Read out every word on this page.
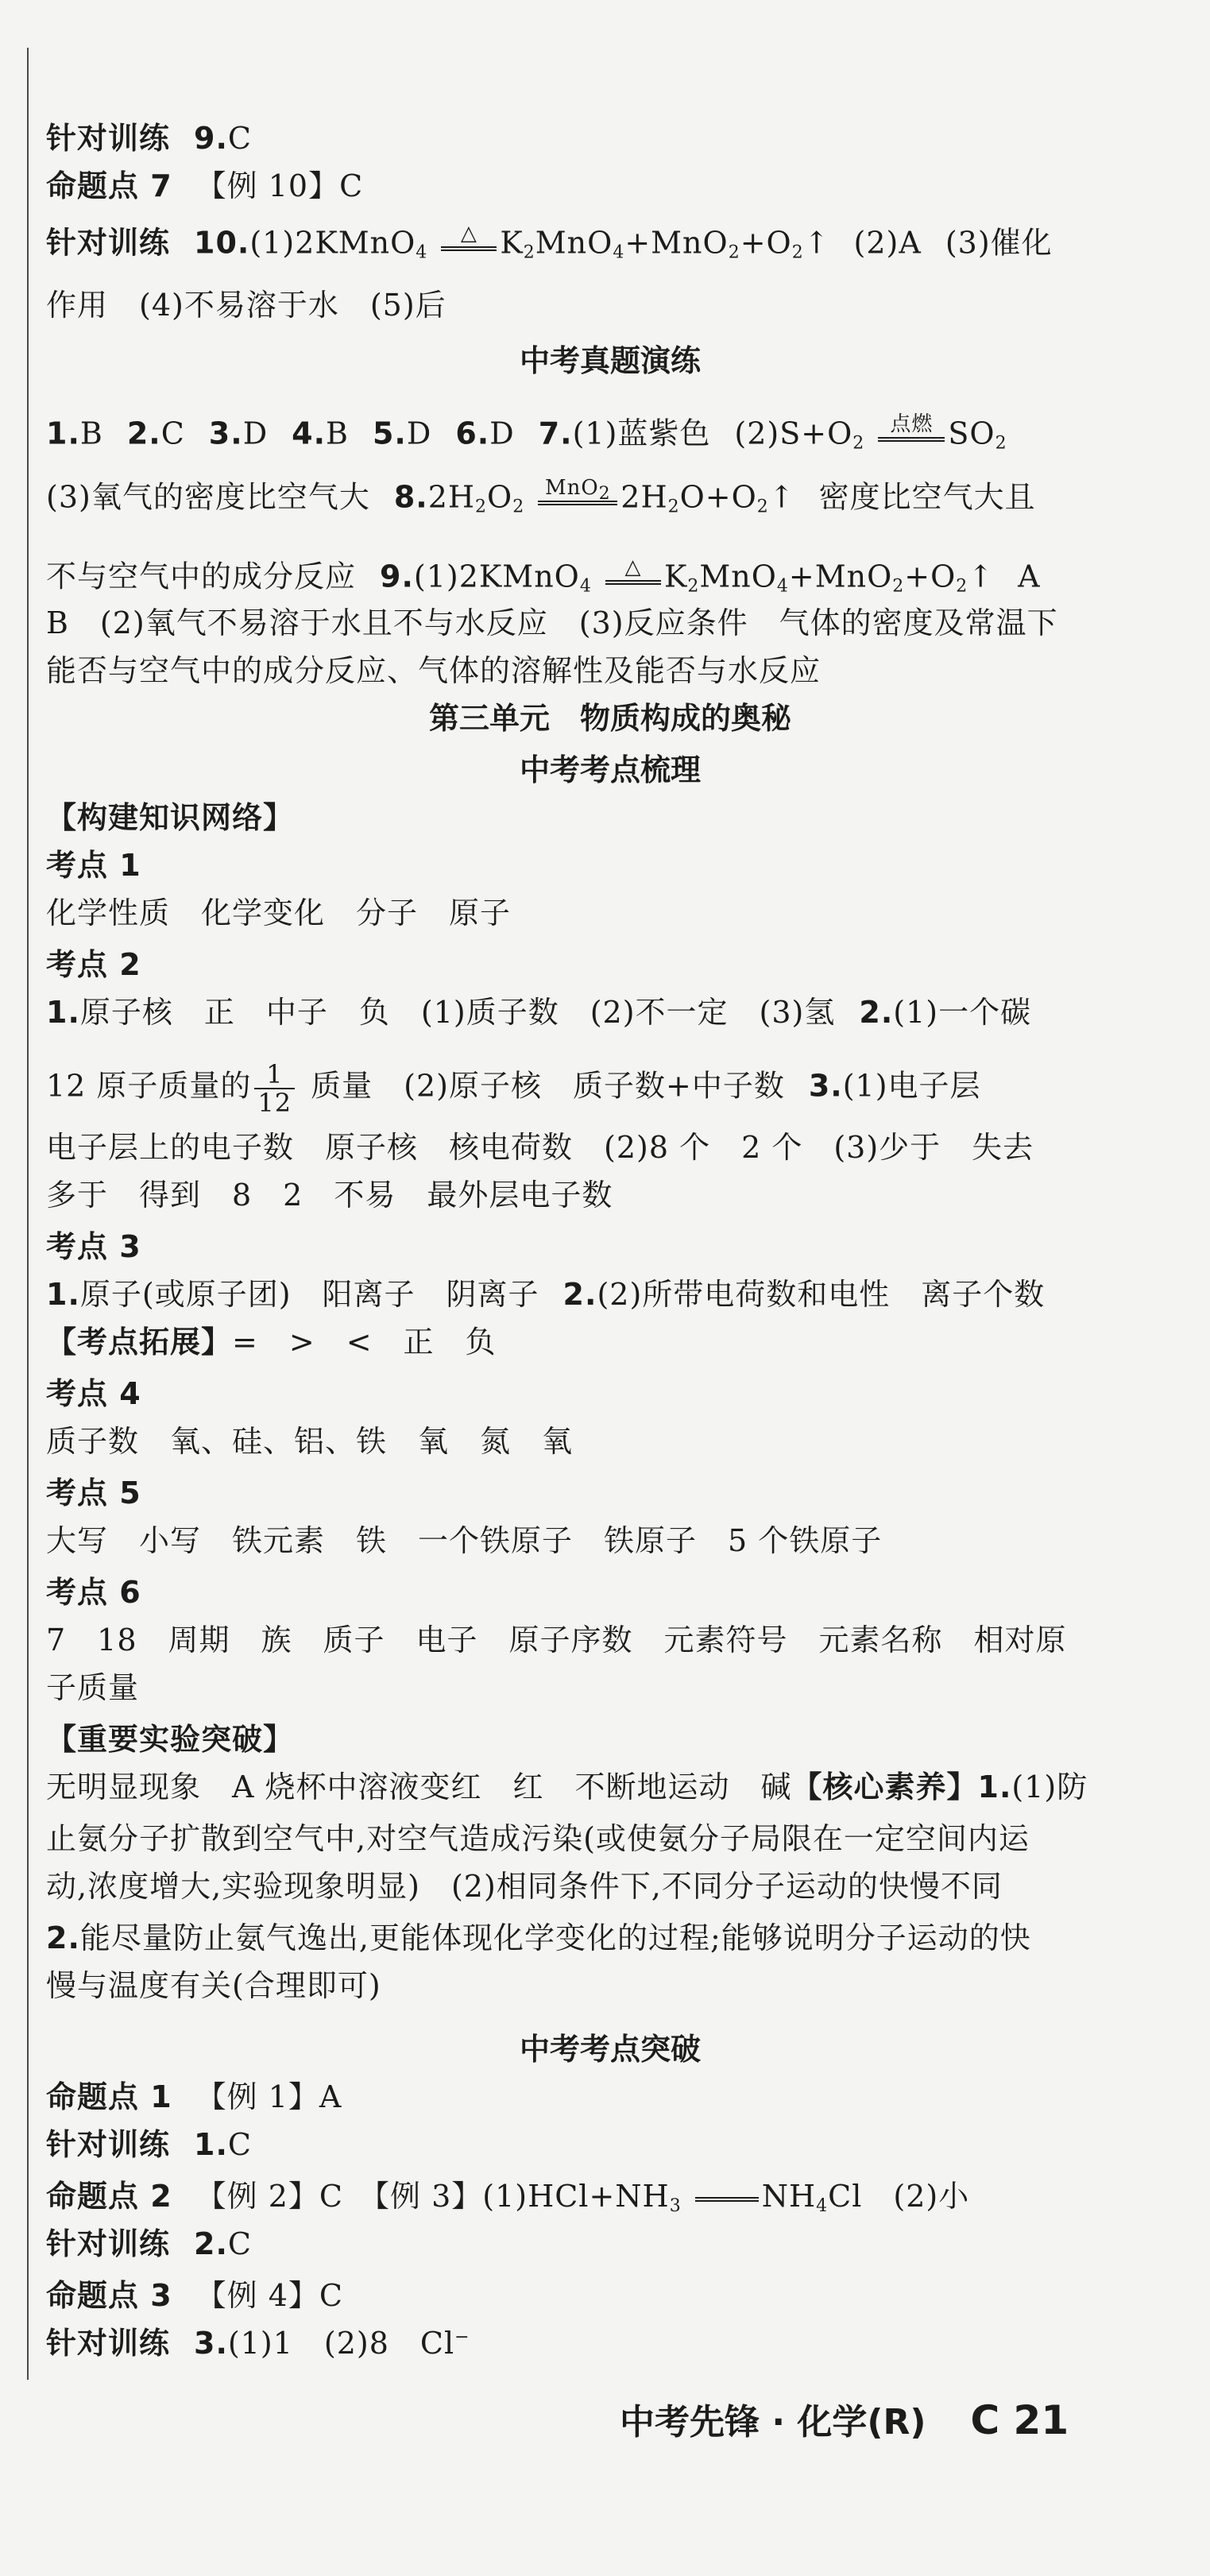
针对训练 9.C
命题点 7 【例 10】C
针对训练 10.(1)2KMnO$_4$
△ $K_2MnO_4+MnO_2+O_2↑$ (2)A (3)催化
作用　(4)不易溶于水　(5)后
中考真题演练
1.B 2.C 3.D 4.B 5.D 6.D 7.(1)蓝紫色 $(2)S+O_2$
点燃 $SO_2$
(3)氧气的密度比空气大 $8.2H_2O_2$
MnO$_2$ $2H_2O+O_2↑$ 密度比空气大且
不与空气中的成分反应 9.(1)2KMnO$_4$
△ $K_2MnO_4+MnO_2+O_2↑$ A
B　(2)氧气不易溶于水且不与水反应　(3)反应条件　气体的密度及常温下
能否与空气中的成分反应、气体的溶解性及能否与水反应
第三单元　物质构成的奥秘
中考考点梳理
【构建知识网络】
考点 1
化学性质　化学变化　分子　原子
考点 2
1.原子核　正　中子　负　(1)质子数　(2)不一定　(3)氢 2.(1)一个碳
12 原子质量的 $\frac{1}{12}$ 质量　(2)原子核　质子数+中子数 3.(1)电子层
电子层上的电子数　原子核　核电荷数　(2)8 个　2 个　(3)少于　失去
多于　得到　8　2　不易　最外层电子数
考点 3
1.原子(或原子团)　阳离子　阴离子 2.(2)所带电荷数和电性　离子个数
【考点拓展】=　>　<　正　负
考点 4
质子数　氧、硅、铝、铁　氧　氮　氧
考点 5
大写　小写　铁元素　铁　一个铁原子　铁原子　5 个铁原子
考点 6
7　18　周期　族　质子　电子　原子序数　元素符号　元素名称　相对原
子质量
【重要实验突破】
无明显现象　A 烧杯中溶液变红　红　不断地运动　碱【核心素养】1.(1)防
止氨分子扩散到空气中,对空气造成污染(或使氨分子局限在一定空间内运
动,浓度增大,实验现象明显)　(2)相同条件下,不同分子运动的快慢不同
2.能尽量防止氨气逸出,更能体现化学变化的过程;能够说明分子运动的快
慢与温度有关(合理即可)
中考考点突破
命题点 1 【例 1】A
针对训练 1.C
命题点 2 【例 2】C　【例 3】$(1)HCl+NH_3$	$NH_4Cl$　(2)小
针对训练 2.C
命题点 3 【例 4】C
针对训练 3.(1)1　(2)8　Cl−
中考先锋 · 化学(R) C 21
